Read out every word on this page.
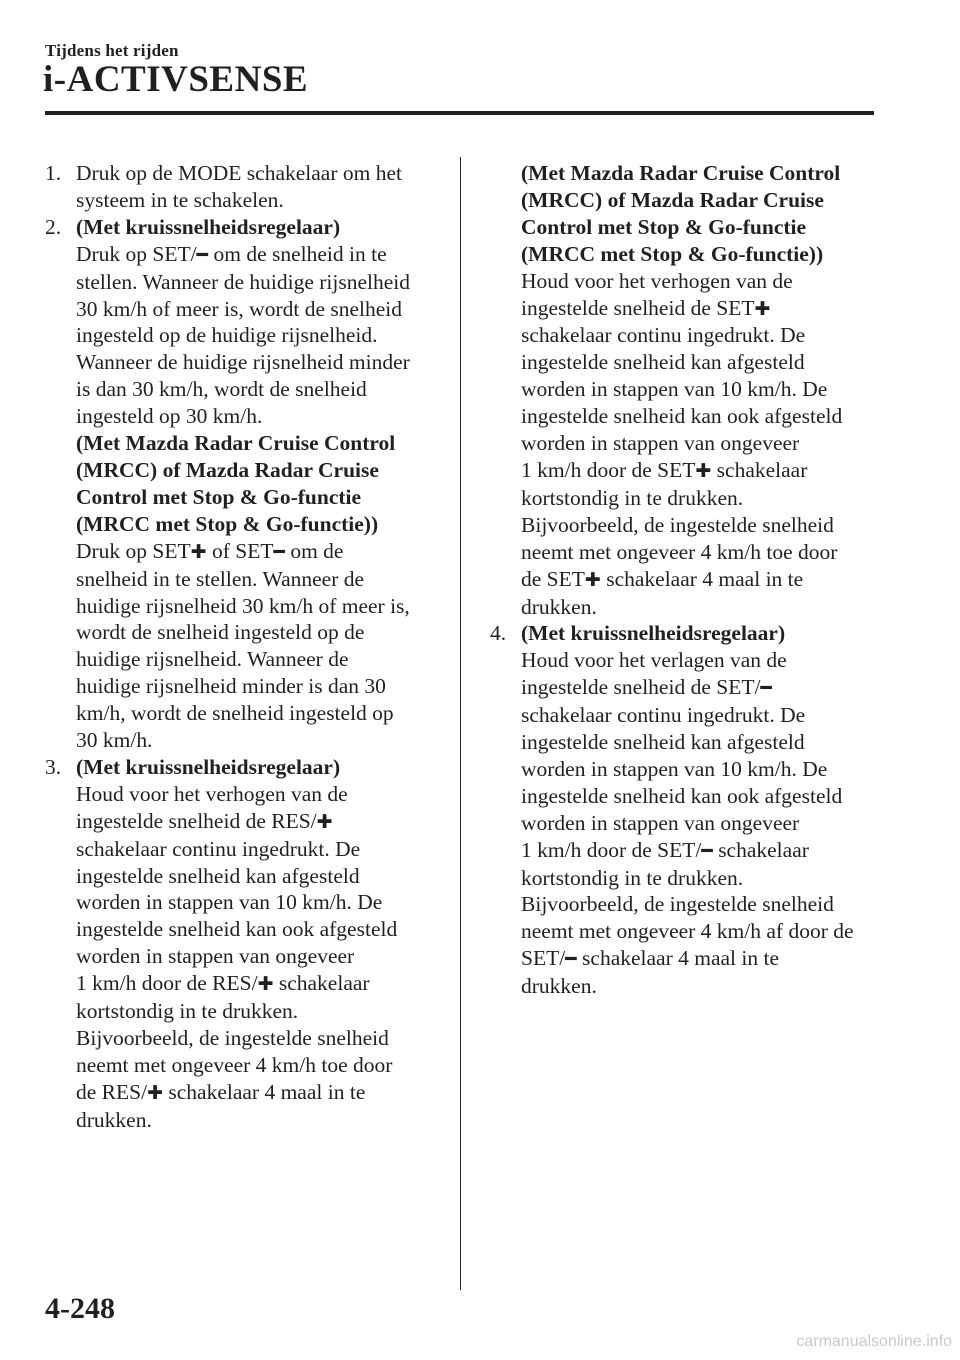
Tijdens het rijden
i-ACTIVSENSE
1. Druk op de MODE schakelaar om het
systeem in te schakelen.
2. (Met kruissnelheidsregelaar)
Druk op SET/━ om de snelheid in te
stellen. Wanneer de huidige rijsnelheid
30 km/h of meer is, wordt de snelheid
ingesteld op de huidige rijsnelheid.
Wanneer de huidige rijsnelheid minder
is dan 30 km/h, wordt de snelheid
ingesteld op 30 km/h.
(Met Mazda Radar Cruise Control
(MRCC) of Mazda Radar Cruise
Control met Stop & Go-functie
(MRCC met Stop & Go-functie))
Druk op SET✚ of SET━ om de
snelheid in te stellen. Wanneer de
huidige rijsnelheid 30 km/h of meer is,
wordt de snelheid ingesteld op de
huidige rijsnelheid. Wanneer de
huidige rijsnelheid minder is dan 30
km/h, wordt de snelheid ingesteld op
30 km/h.
3. (Met kruissnelheidsregelaar)
Houd voor het verhogen van de
ingestelde snelheid de RES/✚
schakelaar continu ingedrukt. De
ingestelde snelheid kan afgesteld
worden in stappen van 10 km/h. De
ingestelde snelheid kan ook afgesteld
worden in stappen van ongeveer
1 km/h door de RES/✚ schakelaar
kortstondig in te drukken.
Bijvoorbeeld, de ingestelde snelheid
neemt met ongeveer 4 km/h toe door
de RES/✚ schakelaar 4 maal in te
drukken.
(Met Mazda Radar Cruise Control
(MRCC) of Mazda Radar Cruise
Control met Stop & Go-functie
(MRCC met Stop & Go-functie))
Houd voor het verhogen van de
ingestelde snelheid de SET✚
schakelaar continu ingedrukt. De
ingestelde snelheid kan afgesteld
worden in stappen van 10 km/h. De
ingestelde snelheid kan ook afgesteld
worden in stappen van ongeveer
1 km/h door de SET✚ schakelaar
kortstondig in te drukken.
Bijvoorbeeld, de ingestelde snelheid
neemt met ongeveer 4 km/h toe door
de SET✚ schakelaar 4 maal in te
drukken.
4. (Met kruissnelheidsregelaar)
Houd voor het verlagen van de
ingestelde snelheid de SET/━
schakelaar continu ingedrukt. De
ingestelde snelheid kan afgesteld
worden in stappen van 10 km/h. De
ingestelde snelheid kan ook afgesteld
worden in stappen van ongeveer
1 km/h door de SET/━ schakelaar
kortstondig in te drukken.
Bijvoorbeeld, de ingestelde snelheid
neemt met ongeveer 4 km/h af door de
SET/━ schakelaar 4 maal in te
drukken.
4-248
carmanualsonline.info
